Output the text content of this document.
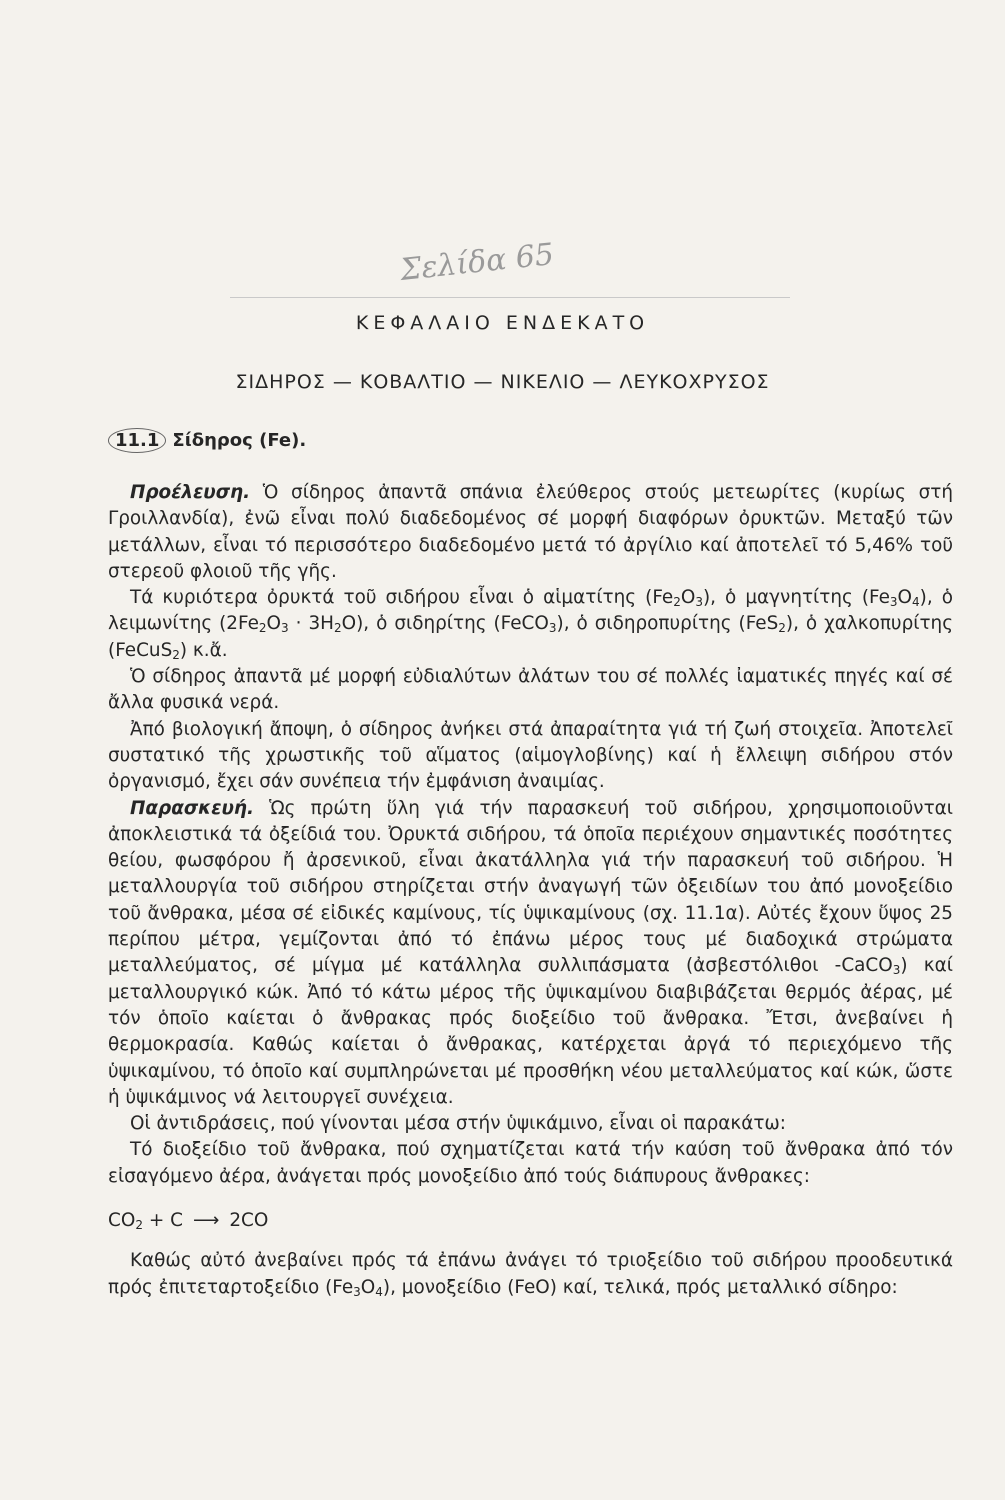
Σελίδα 65
ΚΕΦΑΛΑΙΟ ΕΝΔΕΚΑΤΟ
ΣΙΔΗΡΟΣ — ΚΟΒΑΛΤΙΟ — ΝΙΚΕΛΙΟ — ΛΕΥΚΟΧΡΥΣΟΣ
11.1 Σίδηρος (Fe).

Προέλευση. Ὁ σίδηρος ἀπαντᾶ σπάνια ἐλεύθερος στούς μετεωρίτες (κυρίως στή Γροιλλανδία), ἐνῶ εἶναι πολύ διαδεδομένος σέ μορφή διαφόρων ὀρυκτῶν. Μεταξύ τῶν μετάλλων, εἶναι τό περισσότερο διαδεδομένο μετά τό ἀργίλιο καί ἀποτελεῖ τό 5,46% τοῦ στερεοῦ φλοιοῦ τῆς γῆς.

Τά κυριότερα ὀρυκτά τοῦ σιδήρου εἶναι ὁ αἱματίτης $(Fe_2O_3)$, ὁ μαγνητίτης $(Fe_3O_4)$, ὁ λειμωνίτης $(2Fe_2O_3 \cdot 3H_2O)$, ὁ σιδηρίτης (FeCO$_3$), ὁ σιδηροπυρίτης (FeS$_2$), ὁ χαλκοπυρίτης (FeCuS$_2$) κ.ἄ.

Ὁ σίδηρος ἀπαντᾶ μέ μορφή εὐδιαλύτων ἀλάτων του σέ πολλές ἰαματικές πηγές καί σέ ἄλλα φυσικά νερά.

Ἀπό βιολογική ἄποψη, ὁ σίδηρος ἀνήκει στά ἀπαραίτητα γιά τή ζωή στοιχεῖα. Ἀποτελεῖ συστατικό τῆς χρωστικῆς τοῦ αἵματος (αἱμογλοβίνης) καί ἡ ἔλλειψη σιδήρου στόν ὀργανισμό, ἔχει σάν συνέπεια τήν ἐμφάνιση ἀναιμίας.

Παρασκευή. Ὡς πρώτη ὕλη γιά τήν παρασκευή τοῦ σιδήρου, χρησιμοποιοῦνται ἀποκλειστικά τά ὀξείδιά του. Ὀρυκτά σιδήρου, τά ὁποῖα περιέχουν σημαντικές ποσότητες θείου, φωσφόρου ἤ ἀρσενικοῦ, εἶναι ἀκατάλληλα γιά τήν παρασκευή τοῦ σιδήρου. Ἡ μεταλλουργία τοῦ σιδήρου στηρίζεται στήν ἀναγωγή τῶν ὀξειδίων του ἀπό μονοξείδιο τοῦ ἄνθρακα, μέσα σέ εἰδικές καμίνους, τίς ὑψικαμίνους (σχ. 11.1α). Αὐτές ἔχουν ὕψος 25 περίπου μέτρα, γεμίζονται ἀπό τό ἐπάνω μέρος τους μέ διαδοχικά στρώματα μεταλλεύματος, σέ μίγμα μέ κατάλληλα συλλιπάσματα (ἀσβεστόλιθοι -CaCO$_3$) καί μεταλλουργικό κώκ. Ἀπό τό κάτω μέρος τῆς ὑψικαμίνου διαβιβάζεται θερμός ἀέρας, μέ τόν ὁποῖο καίεται ὁ ἄνθρακας πρός διοξείδιο τοῦ ἄνθρακα. Ἔτσι, ἀνεβαίνει ἡ θερμοκρασία. Καθώς καίεται ὁ ἄνθρακας, κατέρχεται ἀργά τό περιεχόμενο τῆς ὑψικαμίνου, τό ὁποῖο καί συμπληρώνεται μέ προσθήκη νέου μεταλλεύματος καί κώκ, ὥστε ἡ ὑψικάμινος νά λειτουργεῖ συνέχεια.

Οἱ ἀντιδράσεις, πού γίνονται μέσα στήν ὑψικάμινο, εἶναι οἱ παρακάτω:

Τό διοξείδιο τοῦ ἄνθρακα, πού σχηματίζεται κατά τήν καύση τοῦ ἄνθρακα ἀπό τόν εἰσαγόμενο ἀέρα, ἀνάγεται πρός μονοξείδιο ἀπό τούς διάπυρους ἄνθρακες:

$CO_2 + C$ ⟶ 2CO

Καθώς αὐτό ἀνεβαίνει πρός τά ἐπάνω ἀνάγει τό τριοξείδιο τοῦ σιδήρου προοδευτικά πρός ἐπιτεταρτοξείδιο $(Fe_3O_4)$, μονοξείδιο (FeO) καί, τελικά, πρός μεταλλικό σίδηρο:
